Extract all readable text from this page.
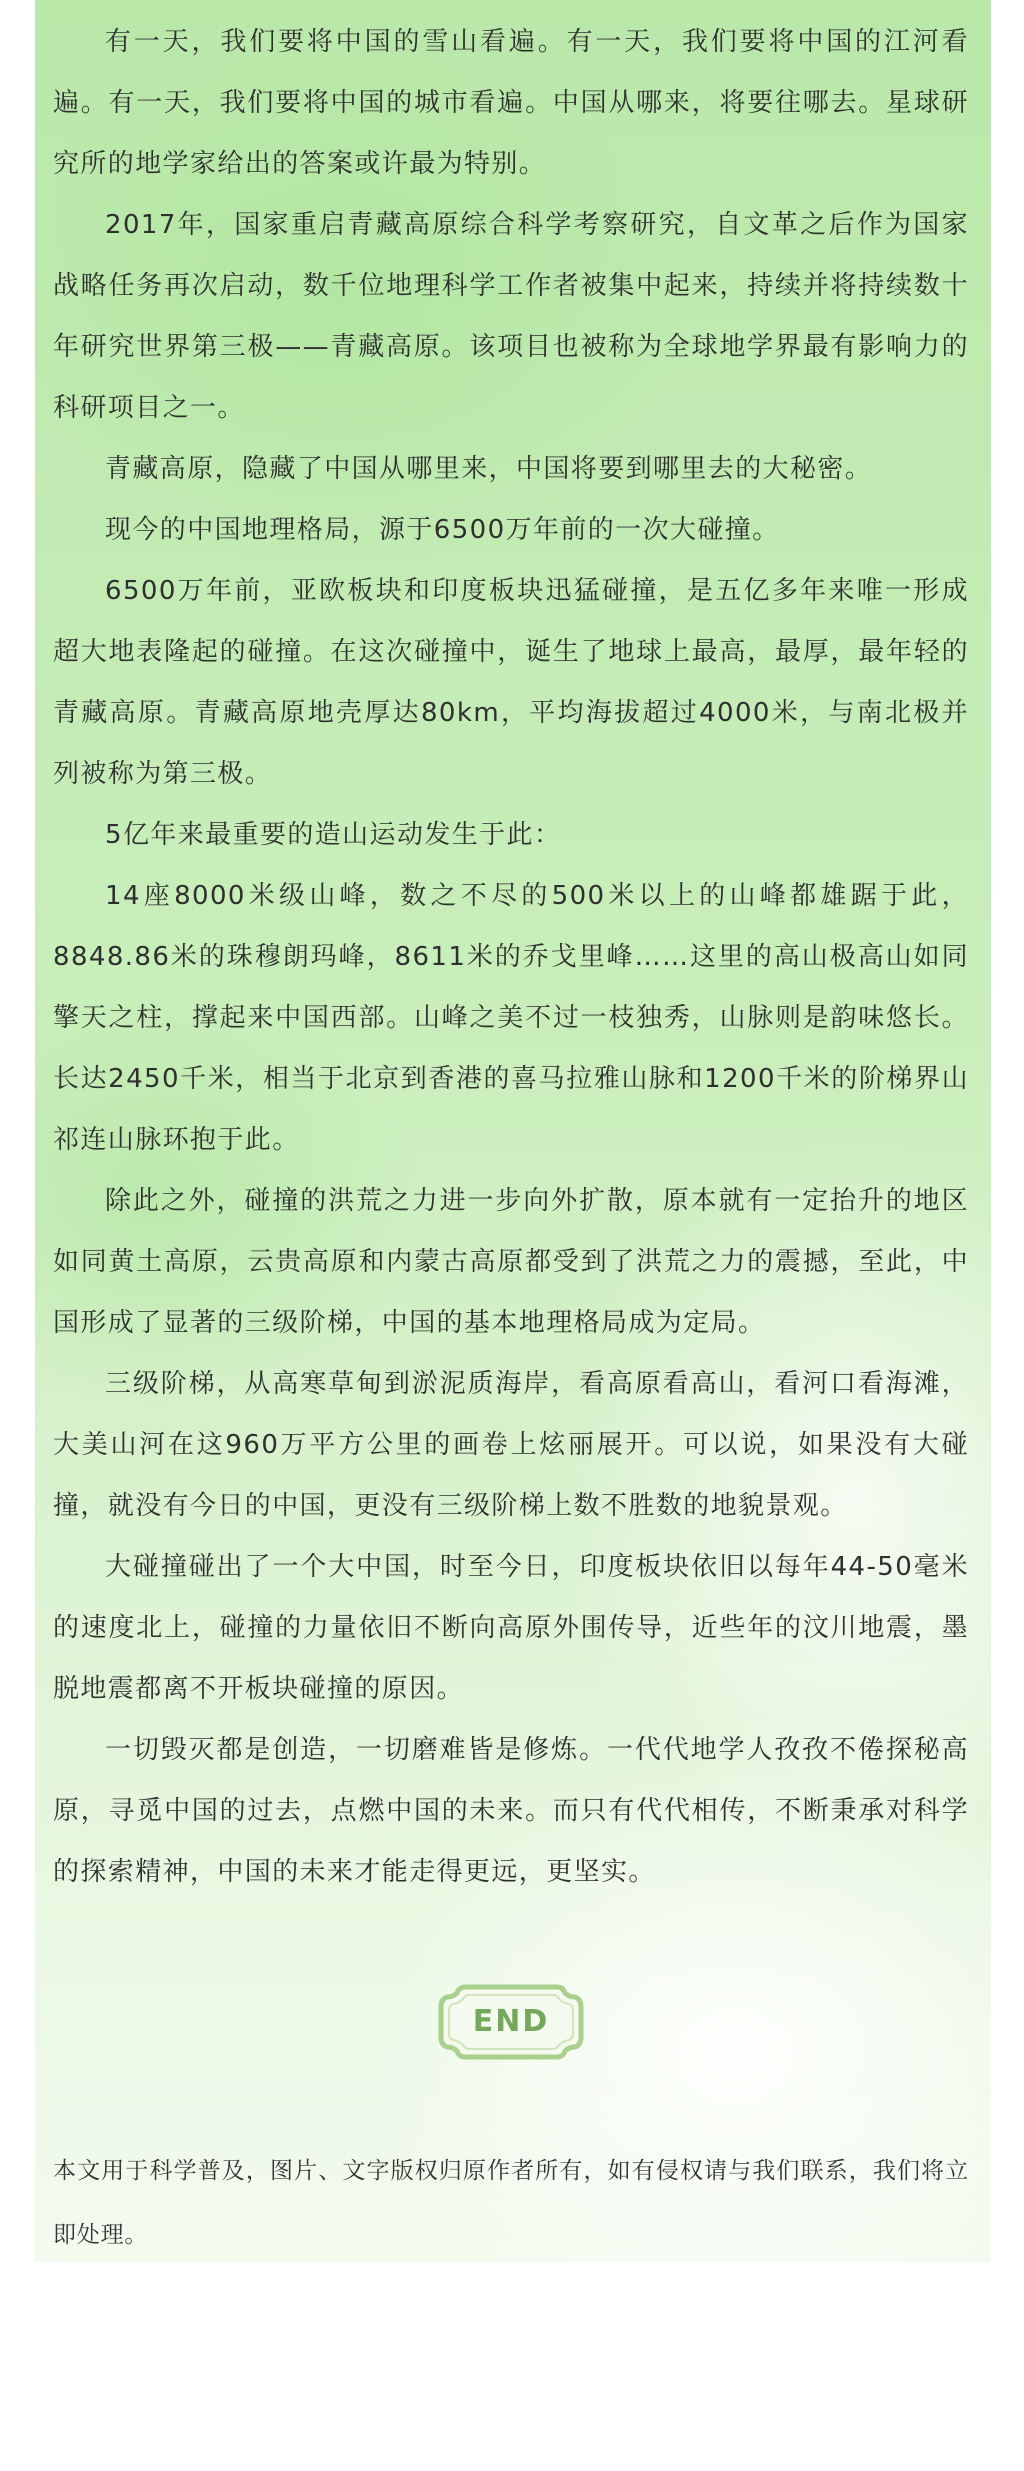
有一天，我们要将中国的雪山看遍。有一天，我们要将中国的江河看遍。有一天，我们要将中国的城市看遍。中国从哪来，将要往哪去。星球研究所的地学家给出的答案或许最为特别。

2017年，国家重启青藏高原综合科学考察研究，自文革之后作为国家战略任务再次启动，数千位地理科学工作者被集中起来，持续并将持续数十年研究世界第三极——青藏高原。该项目也被称为全球地学界最有影响力的科研项目之一。

青藏高原，隐藏了中国从哪里来，中国将要到哪里去的大秘密。

现今的中国地理格局，源于6500万年前的一次大碰撞。

6500万年前，亚欧板块和印度板块迅猛碰撞，是五亿多年来唯一形成超大地表隆起的碰撞。在这次碰撞中，诞生了地球上最高，最厚，最年轻的青藏高原。青藏高原地壳厚达80km，平均海拔超过4000米，与南北极并列被称为第三极。

5亿年来最重要的造山运动发生于此：

14座8000米级山峰，数之不尽的500米以上的山峰都雄踞于此，8848.86米的珠穆朗玛峰，8611米的乔戈里峰……这里的高山极高山如同擎天之柱，撑起来中国西部。山峰之美不过一枝独秀，山脉则是韵味悠长。长达2450千米，相当于北京到香港的喜马拉雅山脉和1200千米的阶梯界山祁连山脉环抱于此。

除此之外，碰撞的洪荒之力进一步向外扩散，原本就有一定抬升的地区如同黄土高原，云贵高原和内蒙古高原都受到了洪荒之力的震撼，至此，中国形成了显著的三级阶梯，中国的基本地理格局成为定局。

三级阶梯，从高寒草甸到淤泥质海岸，看高原看高山，看河口看海滩，大美山河在这960万平方公里的画卷上炫丽展开。可以说，如果没有大碰撞，就没有今日的中国，更没有三级阶梯上数不胜数的地貌景观。

大碰撞碰出了一个大中国，时至今日，印度板块依旧以每年44-50毫米的速度北上，碰撞的力量依旧不断向高原外围传导，近些年的汶川地震，墨脱地震都离不开板块碰撞的原因。

一切毁灭都是创造，一切磨难皆是修炼。一代代地学人孜孜不倦探秘高原，寻觅中国的过去，点燃中国的未来。而只有代代相传，不断秉承对科学的探索精神，中国的未来才能走得更远，更坚实。

END

本文用于科学普及，图片、文字版权归原作者所有，如有侵权请与我们联系，我们将立即处理。
